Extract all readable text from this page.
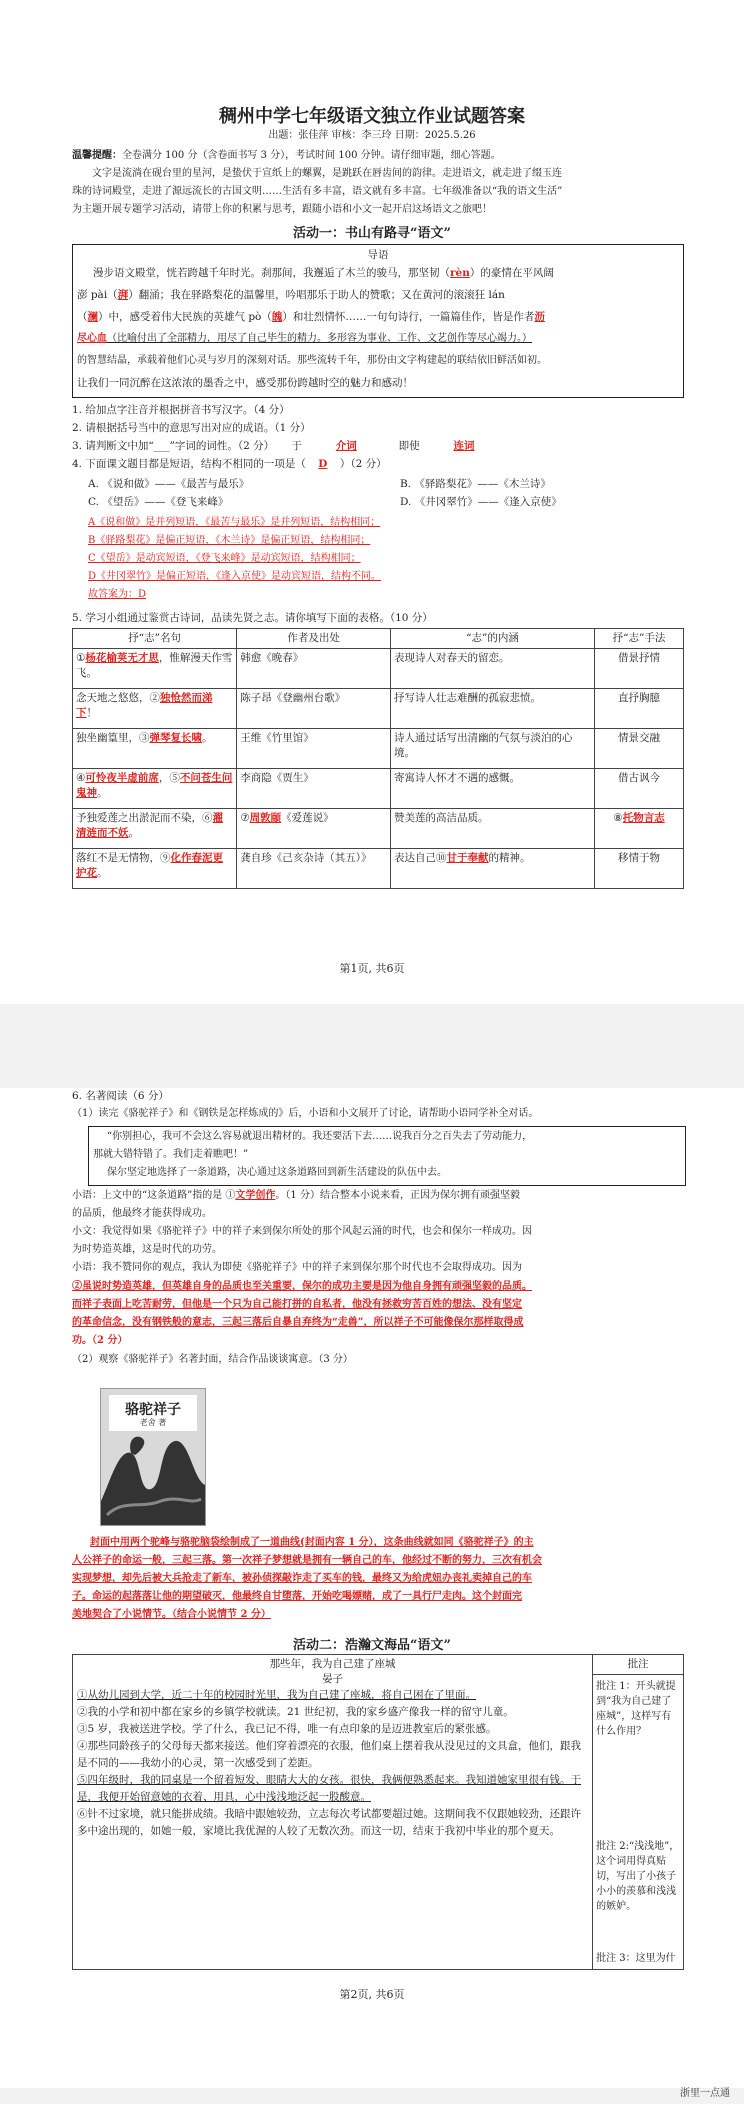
稠州中学七年级语文独立作业试题答案
出题：张佳萍 审核：李三玲 日期：2025.5.26
温馨提醒：全卷满分 100 分（含卷面书写 3 分），考试时间 100 分钟。请仔细审题，细心答题。
文字是流淌在砚台里的星河，是蛰伏于宣纸上的螺翼，是跳跃在唇齿间的韵律。走进语文，就走进了缀玉连
珠的诗词殿堂，走进了源远流长的古国文明……生活有多丰富，语文就有多丰富。七年级准备以“我的语文生活”
为主题开展专题学习活动，请带上你的积累与思考，跟随小语和小文一起开启这场语文之旅吧！
活动一：书山有路寻“语文”
导语
漫步语文殿堂，恍若跨越千年时光。刹那间，我邂逅了木兰的骏马，那坚韧（rèn）的豪情在平风阔
澎 pài（湃）翻涌；我在驿路梨花的温馨里，吟唱那乐于助人的赞歌；又在黄河的滚滚狂 lán
（澜）中，感受着伟大民族的英雄气 pò（魄）和壮烈情怀……一句句诗行，一篇篇佳作，皆是作者沥
尽心血（比喻付出了全部精力，用尽了自己毕生的精力。多形容为事业、工作、文艺创作等尽心竭力。）
的智慧结晶，承载着他们心灵与岁月的深刻对话。那些流转千年，那份由文字构建起的联结依旧鲜活如初。
让我们一同沉醉在这浓浓的墨香之中，感受那份跨越时空的魅力和感动！
1. 给加点字注音并根据拼音书写汉字。（4 分）
2. 请根据括号当中的意思写出对应的成语。（1 分）
3. 请判断文中加“___”字词的词性。（2 分） 于	介词	即使	连词
4. 下面课文题目都是短语，结构不相同的一项是（ D ）（2 分）
A. 《说和做》——《最苦与最乐》	B. 《驿路梨花》——《木兰诗》
C. 《望岳》——《登飞来峰》	D. 《井冈翠竹》——《逢入京使》
A《说和做》是并列短语，《最苦与最乐》是并列短语，结构相同；
B《驿路梨花》是偏正短语，《木兰诗》是偏正短语，结构相同；
C《望岳》是动宾短语，《登飞来峰》是动宾短语，结构相同；
D《井冈翠竹》是偏正短语，《逢入京使》是动宾短语，结构不同。
故答案为：D
5. 学习小组通过鉴赏古诗词，品读先贤之志。请你填写下面的表格。（10 分）
抒“志”名句	作者及出处	“志”的内涵	抒“志”手法
①杨花榆荚无才思，惟解漫天作雪飞。	韩愈《晚春》	表现诗人对春天的留恋。	借景抒情
念天地之悠悠，②独怆然而涕下！	陈子昂《登幽州台歌》	抒写诗人壮志难酬的孤寂悲愤。	直抒胸臆
独坐幽篁里，③弹琴复长啸。	王维《竹里馆》	诗人通过话写出清幽的气氛与淡泊的心境。	情景交融
④可怜夜半虚前席，⑤不问苍生问鬼神。	李商隐《贾生》	寄寓诗人怀才不遇的感慨。	借古讽今
予独爱莲之出淤泥而不染，⑥濯清涟而不妖。	⑦周敦颐《爱莲说》	赞美莲的高洁品质。	⑧托物言志
落红不是无情物，⑨化作春泥更护花。	龚自珍《己亥杂诗（其五）》	表达自己⑩甘于奉献的精神。	移情于物
第1页, 共6页
6. 名著阅读（6 分）
（1）读完《骆驼祥子》和《钢铁是怎样炼成的》后，小语和小文展开了讨论，请帮助小语同学补全对话。
“你别担心，我可不会这么容易就退出精材的。我还要活下去……说我百分之百失去了劳动能力，
那就大错特错了。我们走着瞧吧！”
保尔坚定地选择了一条道路，决心通过这条道路回到新生活建设的队伍中去。
小语：上文中的“这条道路”指的是 ①文学创作。（1 分）结合整本小说来看，正因为保尔拥有顽强坚毅
的品质，他最终才能获得成功。
小文：我觉得如果《骆驼祥子》中的祥子来到保尔所处的那个风起云涌的时代，也会和保尔一样成功。因
为时势造英雄，这是时代的功劳。
小语：我不赞同你的观点，我认为即使《骆驼祥子》中的祥子来到保尔那个时代也不会取得成功。因为
②虽说时势造英雄，但英雄自身的品质也至关重要，保尔的成功主要是因为他自身拥有顽强坚毅的品质。
而祥子表面上吃苦耐劳，但他是一个只为自己能打拼的自私者，他没有拯救穷苦百姓的想法、没有坚定
的革命信念，没有钢铁般的意志，三起三落后自暴自弃终为“走兽”，所以祥子不可能像保尔那样取得成
功。（2 分）
（2）观察《骆驼祥子》名著封面，结合作品谈谈寓意。（3 分）
骆驼祥子
老舍 著
封面中用两个驼峰与骆驼脑袋绘制成了一道曲线(封面内容 1 分），这条曲线就如同《骆驼祥子》的主
人公祥子的命运一般，三起三落。第一次祥子梦想就是拥有一辆自己的车，他经过不断的努力，三次有机会
实现梦想，却先后被大兵抢走了新车，被孙侦探敲诈走了买车的钱，最终又为给虎妞办丧礼卖掉自己的车
子。命运的起落落让他的期望破灭，他最终自甘堕落，开始吃喝嫖赌，成了一具行尸走肉。这个封面完
美地契合了小说情节。（结合小说情节 2 分）
活动二：浩瀚文海品“语文”
那些年，我为自己建了座城
晏子
①从幼儿园到大学，近二十年的校园时光里，我为自己建了座城，将自己困在了里面。
②我的小学和初中都在家乡的乡镇学校就读。21 世纪初，我的家乡盛产像我一样的留守儿童。
③5 岁，我被送进学校。学了什么，我已记不得，唯一有点印象的是迈进教室后的紧张感。
④那些同龄孩子的父母每天都来接送。他们穿着漂亮的衣服，他们桌上摆着我从没见过的文具盒，他们，跟我是不同的——我幼小的心灵，第一次感受到了差距。
⑤四年级时，我的同桌是一个留着短发、眼睛大大的女孩。很快，我俩便熟悉起来。我知道她家里很有钱。于是，我便开始留意她的衣着、用具，心中浅浅地泛起一股酸意。
⑥针不过家境，就只能拼成绩。我暗中跟她较劲，立志每次考试都要超过她。这期间我不仅跟她较劲，还跟许多中途出现的，如她一般，家境比我优渥的人较了无数次劲。而这一切，结束于我初中毕业的那个夏天。

批注
批注 1：开头就提到“我为自己建了座城”，这样写有什么作用？
批注 2:“浅浅地”，这个词用得真贴切，写出了小孩子小小的羡慕和浅浅的嫉妒。
批注 3：这里为什
第2页, 共6页
浙里一点通
